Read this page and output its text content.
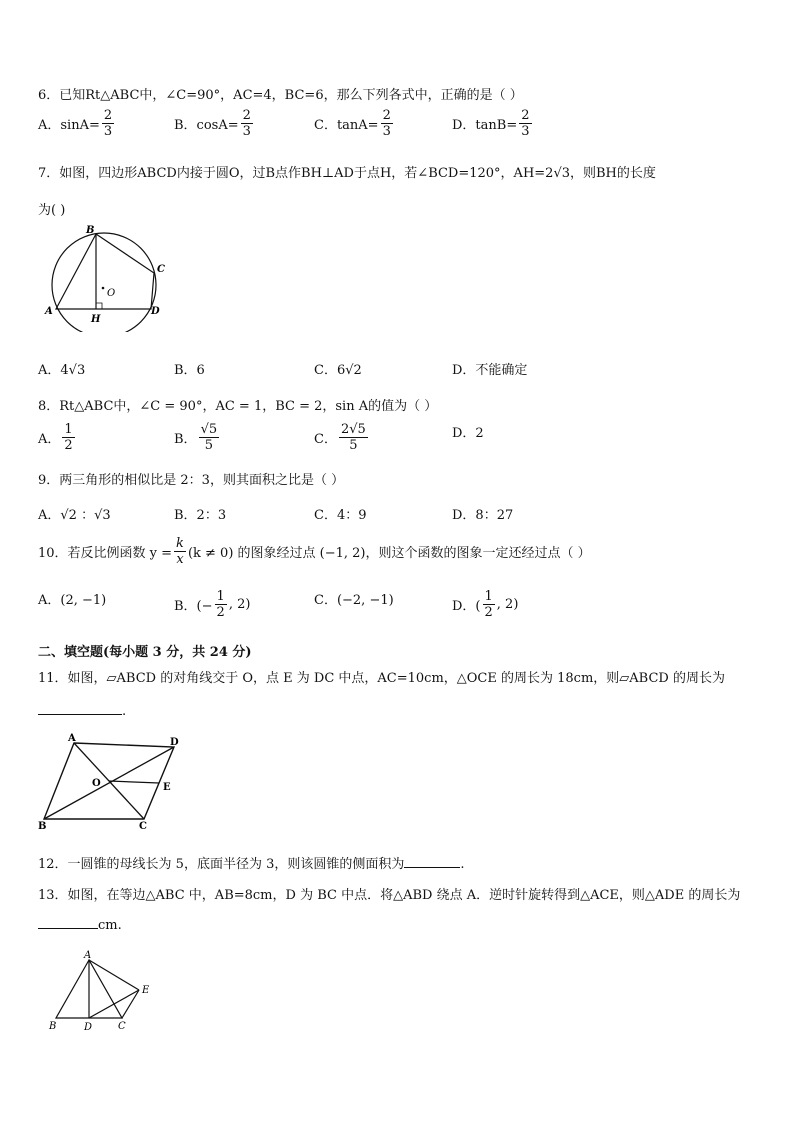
6．已知Rt△ABC中，∠C=90°，AC=4，BC=6，那么下列各式中，正确的是（ ）
A．$\sin A= \frac{2}{3}$	B．$\cos A= \frac{2}{3}$	C．$\tan A= \frac{2}{3}$	D．$\tan B= \frac{2}{3}$
7．如图，四边形ABCD内接于圆O，过B点作BH⊥AD于点H，若∠BCD=120°，AH=2√3，则BH的长度
为( )
B
C
A	D
H
O
A．4√3	B．6	C．6√2	D．不能确定
8．Rt△ABC中，∠C = 90°，AC = 1，BC = 2，sin A的值为（ ）
A． $\frac{1}{2}$	B． $\frac{√5}{5}$	C． $\frac{2√5}{5}$	D．2
9．两三角形的相似比是 2：3，则其面积之比是（ ）
A．√2 ：√3	B．2：3	C．4：9	D．8：27
10．若反比例函数 $y = \frac{k}{x} (k \ne 0)$ 的图象经过点 (−1, 2)，则这个函数的图象一定还经过点（ ）
A．(2, −1)	B．(− $\frac{1}{2}$ , 2)	C．(−2, −1)	D．( $\frac{1}{2}$ , 2)
二、填空题(每小题 3 分，共 24 分)
11．如图，▱ABCD 的对角线交于 O，点 E 为 DC 中点，AC=10cm，△OCE 的周长为 18cm，则▱ABCD 的周长为
.
A	D
O	E
B	C
12．一圆锥的母线长为 5，底面半径为 3，则该圆锥的侧面积为	.
13．如图，在等边△ABC 中，AB=8cm，D 为 BC 中点．将△ABD 绕点 A．逆时针旋转得到△ACE，则△ADE 的周长为
cm.
A
E
B	D	C
